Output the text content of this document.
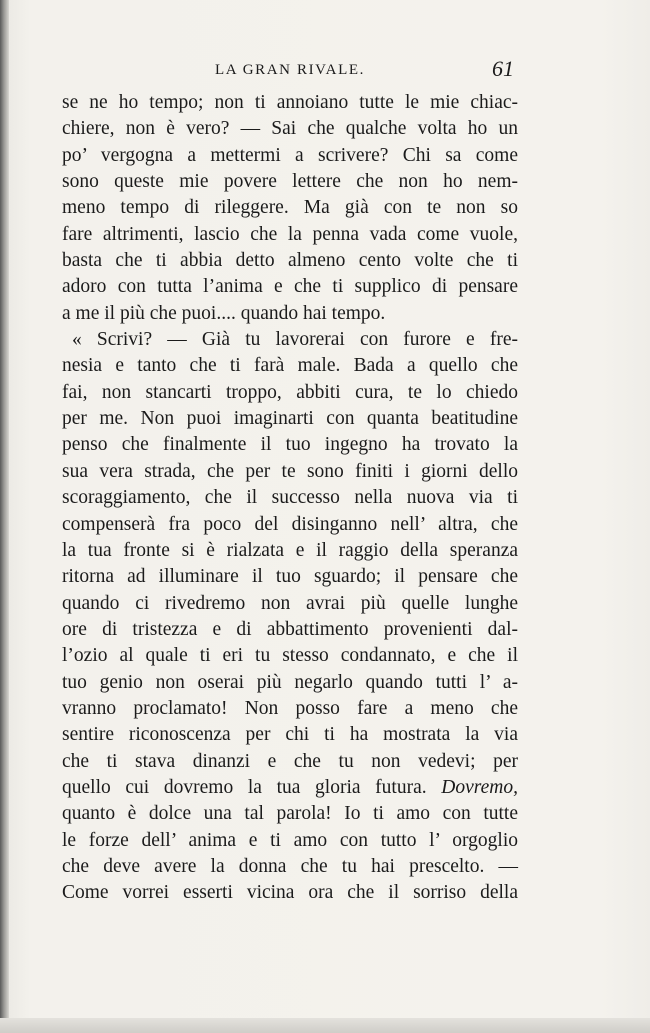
LA GRAN RIVALE.	61
se ne ho tempo; non ti annoiano tutte le mie chiac-
chiere, non è vero? — Sai che qualche volta ho un
po’ vergogna a mettermi a scrivere? Chi sa come
sono queste mie povere lettere che non ho nem-
meno tempo di rileggere. Ma già con te non so
fare altrimenti, lascio che la penna vada come vuole,
basta che ti abbia detto almeno cento volte che ti
adoro con tutta l’anima e che ti supplico di pensare
a me il più che puoi.... quando hai tempo.
« Scrivi? — Già tu lavorerai con furore e fre-
nesia e tanto che ti farà male. Bada a quello che
fai, non stancarti troppo, abbiti cura, te lo chiedo
per me. Non puoi imaginarti con quanta beatitudine
penso che finalmente il tuo ingegno ha trovato la
sua vera strada, che per te sono finiti i giorni dello
scoraggiamento, che il successo nella nuova via ti
compenserà fra poco del disinganno nell’ altra, che
la tua fronte si è rialzata e il raggio della speranza
ritorna ad illuminare il tuo sguardo; il pensare che
quando ci rivedremo non avrai più quelle lunghe
ore di tristezza e di abbattimento provenienti dal-
l’ozio al quale ti eri tu stesso condannato, e che il
tuo genio non oserai più negarlo quando tutti l’ a-
vranno proclamato! Non posso fare a meno che
sentire riconoscenza per chi ti ha mostrata la via
che ti stava dinanzi e che tu non vedevi; per
quello cui dovremo la tua gloria futura. Dovremo,
quanto è dolce una tal parola! Io ti amo con tutte
le forze dell’ anima e ti amo con tutto l’ orgoglio
che deve avere la donna che tu hai prescelto. —
Come vorrei esserti vicina ora che il sorriso della
